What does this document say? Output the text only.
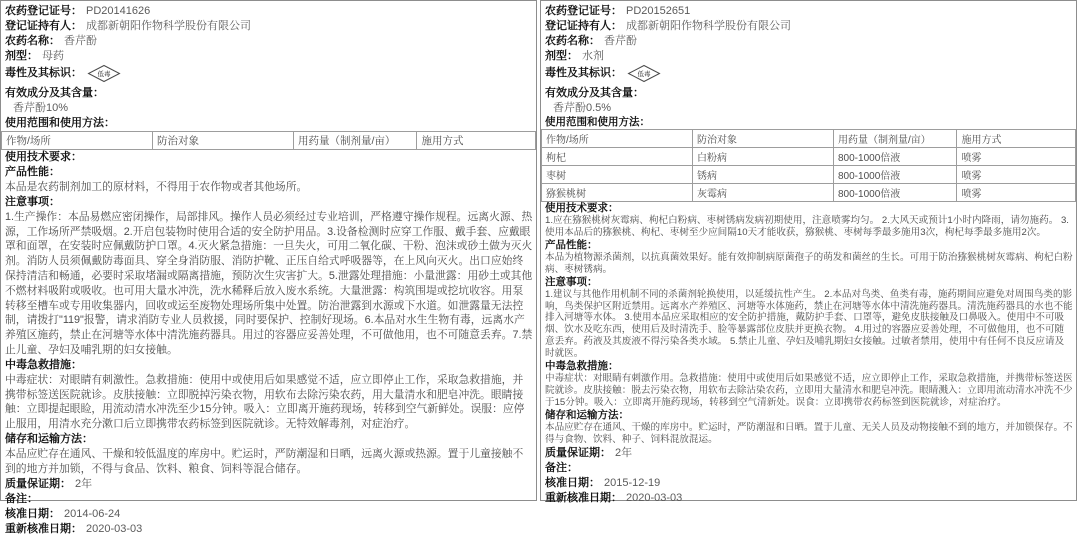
农药登记证号： PD20141626
登记证持有人： 成都新朝阳作物科学股份有限公司
农药名称： 香芹酚
剂型： 母药
毒性及其标识： 低毒
有效成分及其含量：
香芹酚10%
使用范围和使用方法：
作物/场所	防治对象	用药量（制剂量/亩）	施用方式
使用技术要求：
产品性能：
本品是农药制剂加工的原材料，不得用于农作物或者其他场所。
注意事项：
1.生产操作：本品易燃应密闭操作，局部排风。操作人员必须经过专业培训，严格遵守操作规程。远离火源、热源，工作场所严禁吸烟。2.开启包装物时使用合适的安全防护用品。3.设备检测时应穿工作服、戴手套、应戴眼罩和面罩，在安装时应佩戴防护口罩。4.灭火紧急措施：一旦失火，可用二氧化碳、干粉、泡沫或砂土做为灭火剂。消防人员须佩戴防毒面具、穿全身消防服、消防护靴、正压自给式呼吸器等，在上风向灭火。出口应始终保持清洁和畅通，必要时采取堵漏或隔离措施，预防次生灾害扩大。5.泄露处理措施：小量泄露：用砂土或其他不燃材料吸附或吸收。也可用大量水冲洗，洗水稀释后放入废水系统。大量泄露：构筑围堤或挖坑收容。用泵转移至槽车或专用收集器内，回收或运至废物处理场所集中处置。防治泄露到水源或下水道。如泄露量无法控制，请拨打"119"报警，请求消防专业人员救援，同时要保护、控制好现场。6.本品对水生生物有毒，远离水产养殖区施药，禁止在河塘等水体中清洗施药器具。用过的容器应妥善处理，不可做他用，也不可随意丢弃。7.禁止儿童、孕妇及哺乳期的妇女接触。
中毒急救措施：
中毒症状：对眼睛有刺激性。急救措施：使用中或使用后如果感觉不适，应立即停止工作，采取急救措施，并携带标签送医院就诊。皮肤接触：立即脱掉污染衣物，用软布去除污染农药，用大量清水和肥皂冲洗。眼睛接触：立即提起眼睑，用流动清水冲洗至少15分钟。吸入：立即离开施药现场，转移到空气新鲜处。误服：应停止服用，用清水充分漱口后立即携带农药标签到医院就诊。无特效解毒剂，对症治疗。
储存和运输方法：
本品应贮存在通风、干燥和较低温度的库房中。贮运时，严防潮湿和日晒，远离火源或热源。置于儿童接触不到的地方并加锁，不得与食品、饮料、粮食、饲料等混合储存。
质量保证期： 2年
备注：
核准日期： 2014-06-24
重新核准日期： 2020-03-03
农药登记证号： PD20152651
登记证持有人： 成都新朝阳作物科学股份有限公司
农药名称： 香芹酚
剂型： 水剂
毒性及其标识： 低毒
有效成分及其含量：
香芹酚0.5%
使用范围和使用方法：
作物/场所	防治对象	用药量（制剂量/亩）	施用方式
枸杞	白粉病	800-1000倍液	喷雾
枣树	锈病	800-1000倍液	喷雾
猕猴桃树	灰霉病	800-1000倍液	喷雾
使用技术要求：
1.应在猕猴桃树灰霉病、枸杞白粉病、枣树锈病发病初期使用，注意喷雾均匀。 2.大风天或预计1小时内降雨，请勿施药。 3.使用本品后的猕猴桃、枸杞、枣树至少应间隔10天才能收获，猕猴桃、枣树每季最多施用3次，枸杞每季最多施用2次。
产品性能：
本品为植物源杀菌剂，以抗真菌效果好。能有效抑制病原菌孢子的萌发和菌丝的生长。可用于防治猕猴桃树灰霉病、枸杞白粉病、枣树锈病。
注意事项：
1.建议与其他作用机制不同的杀菌剂轮换使用，以延缓抗性产生。 2.本品对鸟类、鱼类有毒，施药期间应避免对周围鸟类的影响，鸟类保护区附近禁用。远离水产养殖区、河塘等水体施药，禁止在河塘等水体中清洗施药器具。清洗施药器具的水也不能排入河塘等水体。 3.使用本品应采取相应的安全防护措施，戴防护手套、口罩等，避免皮肤接触及口鼻吸入。使用中不可吸烟、饮水及吃东西，使用后及时清洗手、脸等暴露部位皮肤并更换衣物。 4.用过的容器应妥善处理，不可做他用，也不可随意丢弃。药液及其废液不得污染各类水域。 5.禁止儿童、孕妇及哺乳期妇女接触。过敏者禁用，使用中有任何不良反应请及时就医。
中毒急救措施：
中毒症状：对眼睛有刺激作用。急救措施：使用中或使用后如果感觉不适，应立即停止工作，采取急救措施，并携带标签送医院就诊。皮肤接触：脱去污染衣物，用软布去除沾染农药，立即用大量清水和肥皂冲洗。眼睛溅入：立即用流动清水冲洗不少于15分钟。吸入：立即离开施药现场，转移到空气清新处。误食：立即携带农药标签到医院就诊，对症治疗。
储存和运输方法：
本品应贮存在通风、干燥的库房中。贮运时，严防潮湿和日晒。置于儿童、无关人员及动物接触不到的地方，并加锁保存。不得与食物、饮料、种子、饲料混放混运。
质量保证期： 2年
备注：
核准日期： 2015-12-19
重新核准日期： 2020-03-03
